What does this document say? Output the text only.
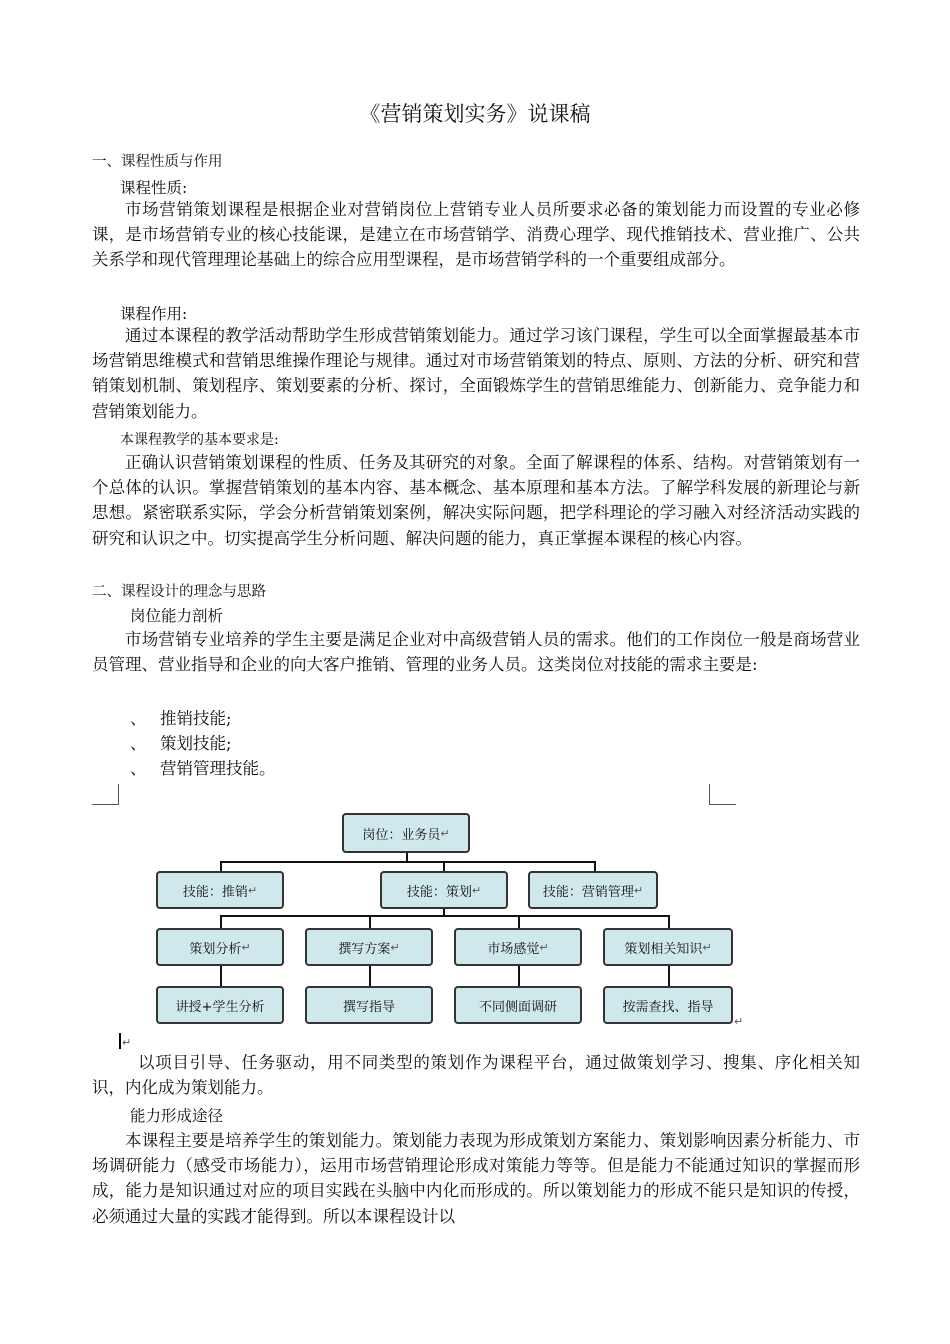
《营销策划实务》说课稿
一、课程性质与作用
课程性质:
市场营销策划课程是根据企业对营销岗位上营销专业人员所要求必备的策划能力而设置的专业必修课，是市场营销专业的核心技能课，是建立在市场营销学、消费心理学、现代推销技术、营业推广、公共关系学和现代管理理论基础上的综合应用型课程，是市场营销学科的一个重要组成部分。
课程作用:
通过本课程的教学活动帮助学生形成营销策划能力。通过学习该门课程，学生可以全面掌握最基本市场营销思维模式和营销思维操作理论与规律。通过对市场营销策划的特点、原则、方法的分析、研究和营销策划机制、策划程序、策划要素的分析、探讨，全面锻炼学生的营销思维能力、创新能力、竞争能力和营销策划能力。
本课程教学的基本要求是:
正确认识营销策划课程的性质、任务及其研究的对象。全面了解课程的体系、结构。对营销策划有一个总体的认识。掌握营销策划的基本内容、基本概念、基本原理和基本方法。了解学科发展的新理论与新思想。紧密联系实际，学会分析营销策划案例，解决实际问题，把学科理论的学习融入对经济活动实践的研究和认识之中。切实提高学生分析问题、解决问题的能力，真正掌握本课程的核心内容。
二、课程设计的理念与思路
岗位能力剖析
市场营销专业培养的学生主要是满足企业对中高级营销人员的需求。他们的工作岗位一般是商场营业员管理、营业指导和企业的向大客户推销、管理的业务人员。这类岗位对技能的需求主要是:
、 推销技能;
、 策划技能;
、 营销管理技能。
岗位：业务员 ↵
技能：推销 ↵	技能：策划 ↵	技能：营销管理 ↵
策划分析 ↵	撰写方案 ↵	市场感觉 ↵	策划相关知识 ↵
讲授+学生分析	撰写指导	不同侧面调研	按需查找、指导
↵
↵
以项目引导、任务驱动，用不同类型的策划作为课程平台，通过做策划学习、搜集、序化相关知识，内化成为策划能力。
能力形成途径
本课程主要是培养学生的策划能力。策划能力表现为形成策划方案能力、策划影响因素分析能力、市场调研能力（感受市场能力），运用市场营销理论形成对策能力等等。但是能力不能通过知识的掌握而形成，能力是知识通过对应的项目实践在头脑中内化而形成的。所以策划能力的形成不能只是知识的传授，必须通过大量的实践才能得到。所以本课程设计以
